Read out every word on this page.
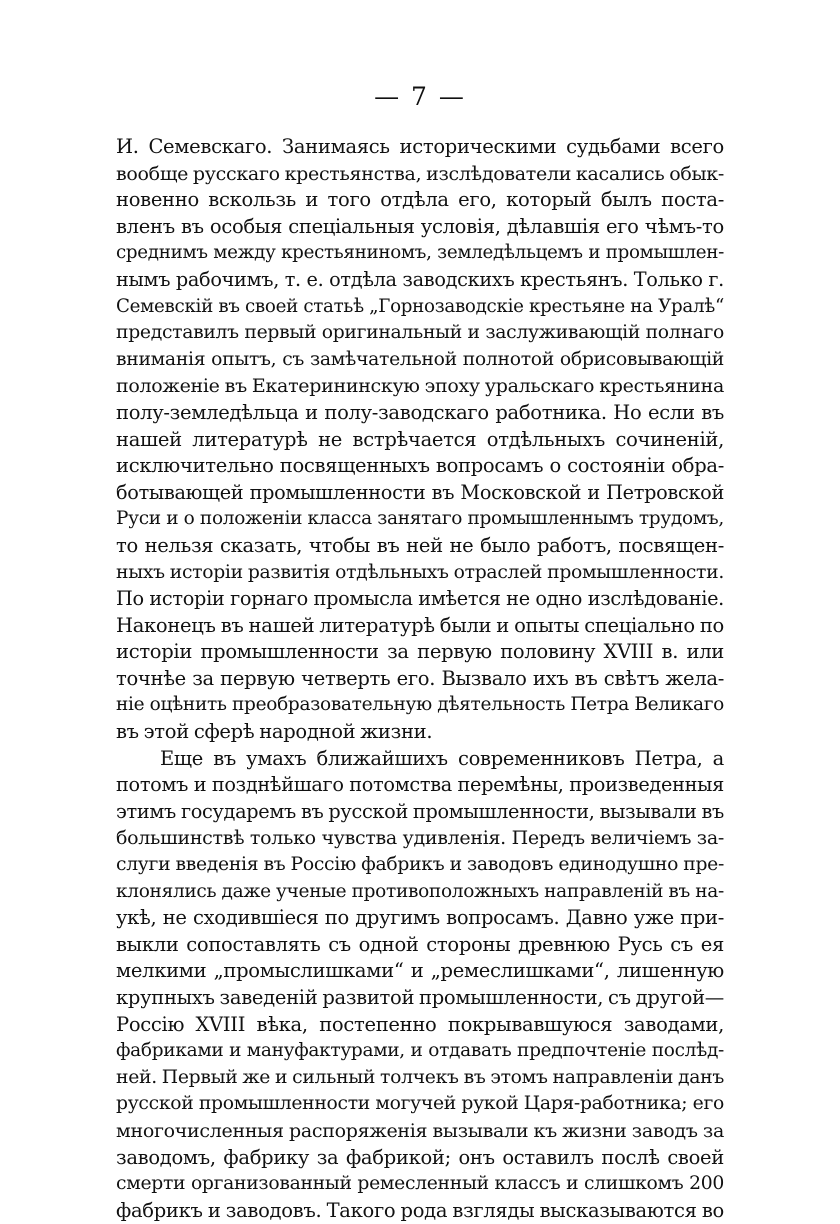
— 7 —
И. Семевскаго. Занимаясь историческими судьбами всего
вообще русскаго крестьянства, изслѣдователи касались обык-
новенно вскользь и того отдѣла его, который былъ поста-
вленъ въ особыя спеціальныя условія, дѣлавшія его чѣмъ-то
среднимъ между крестьяниномъ, земледѣльцемъ и промышлен-
нымъ рабочимъ, т. е. отдѣла заводскихъ крестьянъ. Только г.
Семевскій въ своей статьѣ „Горнозаводскіе крестьяне на Уралѣ“
представилъ первый оригинальный и заслуживающій полнаго
вниманія опытъ, съ замѣчательной полнотой обрисовывающій
положеніе въ Екатерининскую эпоху уральскаго крестьянина
полу-земледѣльца и полу-заводскаго работника. Но если въ
нашей литературѣ не встрѣчается отдѣльныхъ сочиненій,
исключительно посвященныхъ вопросамъ о состояніи обра-
ботывающей промышленности въ Московской и Петровской
Руси и о положеніи класса занятаго промышленнымъ трудомъ,
то нельзя сказать, чтобы въ ней не было работъ, посвящен-
ныхъ исторіи развитія отдѣльныхъ отраслей промышленности.
По исторіи горнаго промысла имѣется не одно изслѣдованіе.
Наконецъ въ нашей литературѣ были и опыты спеціально по
исторіи промышленности за первую половину XVIII в. или
точнѣе за первую четверть его. Вызвало ихъ въ свѣтъ жела-
ніе оцѣнить преобразовательную дѣятельность Петра Великаго
въ этой сферѣ народной жизни.
Еще въ умахъ ближайшихъ современниковъ Петра, а
потомъ и позднѣйшаго потомства перемѣны, произведенныя
этимъ государемъ въ русской промышленности, вызывали въ
большинствѣ только чувства удивленія. Передъ величіемъ за-
слуги введенія въ Россію фабрикъ и заводовъ единодушно пре-
клонялись даже ученые противоположныхъ направленій въ на-
укѣ, не сходившіеся по другимъ вопросамъ. Давно уже при-
выкли сопоставлять съ одной стороны древнюю Русь съ ея
мелкими „промыслишками“ и „ремеслишками“, лишенную
крупныхъ заведеній развитой промышленности, съ другой—
Россію XVIII вѣка, постепенно покрывавшуюся заводами,
фабриками и мануфактурами, и отдавать предпочтеніе послѣд-
ней. Первый же и сильный толчекъ въ этомъ направленіи данъ
русской промышленности могучей рукой Царя-работника; его
многочисленныя распоряженія вызывали къ жизни заводъ за
заводомъ, фабрику за фабрикой; онъ оставилъ послѣ своей
смерти организованный ремесленный классъ и слишкомъ 200
фабрикъ и заводовъ. Такого рода взгляды высказываются во
